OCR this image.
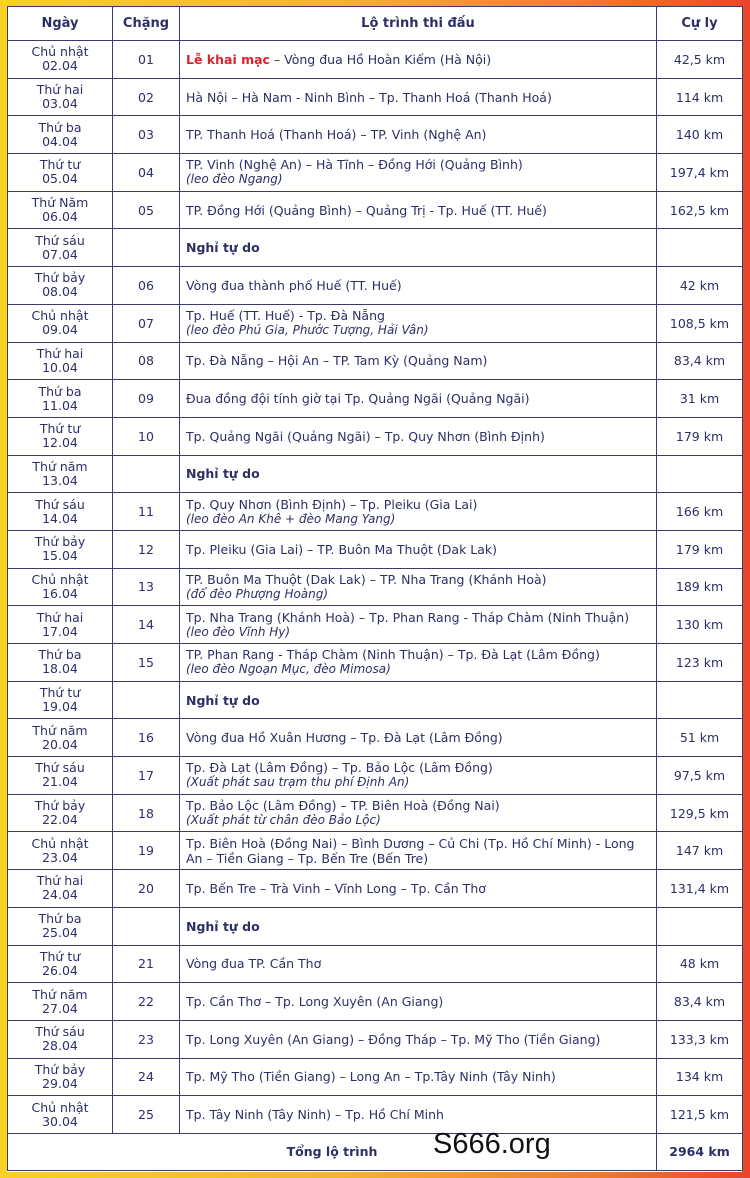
Ngày	Chặng	Lộ trình thi đấu	Cự ly

Chủ nhật
02.04	01	Lễ khai mạc – Vòng đua Hồ Hoàn Kiếm (Hà Nội)	42,5 km

Thứ hai
03.04	02	Hà Nội – Hà Nam - Ninh Bình – Tp. Thanh Hoá (Thanh Hoá)	114 km

Thứ ba
04.04	03	TP. Thanh Hoá (Thanh Hoá) – TP. Vinh (Nghệ An)	140 km

Thứ tư
05.04	04	TP. Vinh (Nghệ An) – Hà Tĩnh – Đồng Hới (Quảng Bình)
(leo đèo Ngang)	197,4 km

Thứ Năm
06.04	05	TP. Đồng Hới (Quảng Bình) – Quảng Trị - Tp. Huế (TT. Huế)	162,5 km

Thứ sáu
07.04		Nghỉ tự do	

Thứ bảy
08.04	06	Vòng đua thành phố Huế (TT. Huế)	42 km

Chủ nhật
09.04	07	Tp. Huế (TT. Huế) - Tp. Đà Nẵng
(leo đèo Phú Gia, Phước Tượng, Hải Vân)	108,5 km

Thứ hai
10.04	08	Tp. Đà Nẵng – Hội An – TP. Tam Kỳ (Quảng Nam)	83,4 km

Thứ ba
11.04	09	Đua đồng đội tính giờ tại Tp. Quảng Ngãi (Quảng Ngãi)	31 km

Thứ tư
12.04	10	Tp. Quảng Ngãi (Quảng Ngãi) – Tp. Quy Nhơn (Bình Định)	179 km

Thứ năm
13.04		Nghỉ tự do	

Thứ sáu
14.04	11	Tp. Quy Nhơn (Bình Định) – Tp. Pleiku (Gia Lai)
(leo đèo An Khê + đèo Mang Yang)	166 km

Thứ bảy
15.04	12	Tp. Pleiku (Gia Lai) – TP. Buôn Ma Thuột (Dak Lak)	179 km

Chủ nhật
16.04	13	TP. Buôn Ma Thuột (Dak Lak) – TP. Nha Trang (Khánh Hoà)
(đổ đèo Phượng Hoàng)	189 km

Thứ hai
17.04	14	Tp. Nha Trang (Khánh Hoà) – Tp. Phan Rang - Tháp Chàm (Ninh Thuận)
(leo đèo Vĩnh Hy)	130 km

Thứ ba
18.04	15	TP. Phan Rang - Tháp Chàm (Ninh Thuận) – Tp. Đà Lạt (Lâm Đồng)
(leo đèo Ngoạn Mục, đèo Mimosa)	123 km

Thứ tư
19.04		Nghỉ tự do	

Thứ năm
20.04	16	Vòng đua Hồ Xuân Hương – Tp. Đà Lạt (Lâm Đồng)	51 km

Thứ sáu
21.04	17	Tp. Đà Lạt (Lâm Đồng) – Tp. Bảo Lộc (Lâm Đồng)
(Xuất phát sau trạm thu phí Định An)	97,5 km

Thứ bảy
22.04	18	Tp. Bảo Lộc (Lâm Đồng) – TP. Biên Hoà (Đồng Nai)
(Xuất phát từ chân đèo Bảo Lộc)	129,5 km

Chủ nhật
23.04	19	Tp. Biên Hoà (Đồng Nai) – Bình Dương – Củ Chi (Tp. Hồ Chí Minh) - Long An – Tiền Giang – Tp. Bến Tre (Bến Tre)	147 km

Thứ hai
24.04	20	Tp. Bến Tre – Trà Vinh – Vĩnh Long – Tp. Cần Thơ	131,4 km

Thứ ba
25.04		Nghỉ tự do	

Thứ tư
26.04	21	Vòng đua TP. Cần Thơ	48 km

Thứ năm
27.04	22	Tp. Cần Thơ – Tp. Long Xuyên (An Giang)	83,4 km

Thứ sáu
28.04	23	Tp. Long Xuyên (An Giang) – Đồng Tháp – Tp. Mỹ Tho (Tiền Giang)	133,3 km

Thứ bảy
29.04	24	Tp. Mỹ Tho (Tiền Giang) – Long An – Tp.Tây Ninh (Tây Ninh)	134 km

Chủ nhật
30.04	25	Tp. Tây Ninh (Tây Ninh) – Tp. Hồ Chí Minh	121,5 km
Tổng lộ trình			2964 km
S666.org
